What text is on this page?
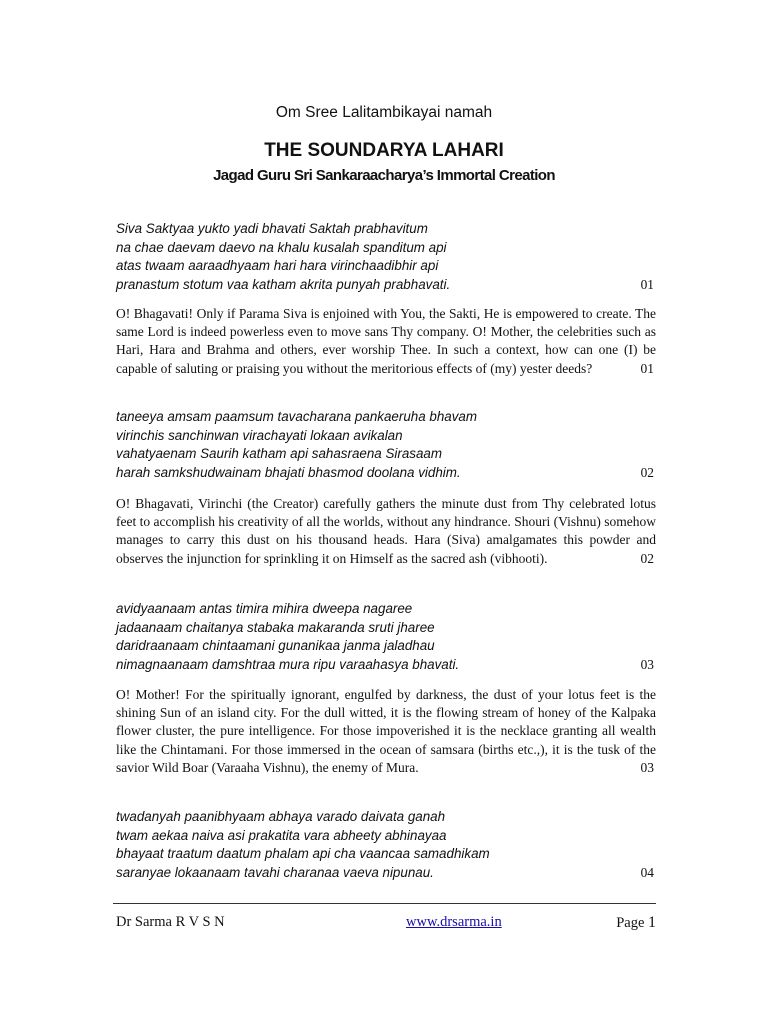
Om Sree Lalitambikayai namah
THE SOUNDARYA LAHARI
Jagad Guru Sri Sankaraacharya’s Immortal Creation
Siva Saktyaa yukto yadi bhavati Saktah prabhavitum
na chae daevam daevo na khalu kusalah spanditum api
atas twaam aaraadhyaam hari hara virinchaadibhir api
pranastum stotum vaa katham akrita punyah prabhavati.	01
O! Bhagavati! Only if Parama Siva is enjoined with You, the Sakti, He is empowered to create. The same Lord is indeed powerless even to move sans Thy company. O! Mother, the celebrities such as Hari, Hara and Brahma and others, ever worship Thee. In such a context, how can one (I) be capable of saluting or praising you without the meritorious effects of (my) yester deeds?	01
taneeya amsam paamsum tavacharana pankaeruha bhavam
virinchis sanchinwan virachayati lokaan avikalan
vahatyaenam Saurih katham api sahasraena Sirasaam
harah samkshudwainam bhajati bhasmod doolana vidhim.	02
O! Bhagavati, Virinchi (the Creator) carefully gathers the minute dust from Thy celebrated lotus feet to accomplish his creativity of all the worlds, without any hindrance. Shouri (Vishnu) somehow manages to carry this dust on his thousand heads. Hara (Siva) amalgamates this powder and observes the injunction for sprinkling it on Himself as the sacred ash (vibhooti).	02
avidyaanaam antas timira mihira dweepa nagaree
jadaanaam chaitanya stabaka makaranda sruti jharee
daridraanaam chintaamani gunanikaa janma jaladhau
nimagnaanaam damshtraa mura ripu varaahasya bhavati.	03
O! Mother! For the spiritually ignorant, engulfed by darkness, the dust of your lotus feet is the shining Sun of an island city. For the dull witted, it is the flowing stream of honey of the Kalpaka flower cluster, the pure intelligence. For those impoverished it is the necklace granting all wealth like the Chintamani. For those immersed in the ocean of samsara (births etc.,), it is the tusk of the savior Wild Boar (Varaaha Vishnu), the enemy of Mura.	03
twadanyah paanibhyaam abhaya varado daivata ganah
twam aekaa naiva asi prakatita vara abheety abhinayaa
bhayaat traatum daatum phalam api cha vaancaa samadhikam
saranyae lokaanaam tavahi charanaa vaeva nipunau.	04
Dr Sarma R V S N	www.drsarma.in	Page 1
